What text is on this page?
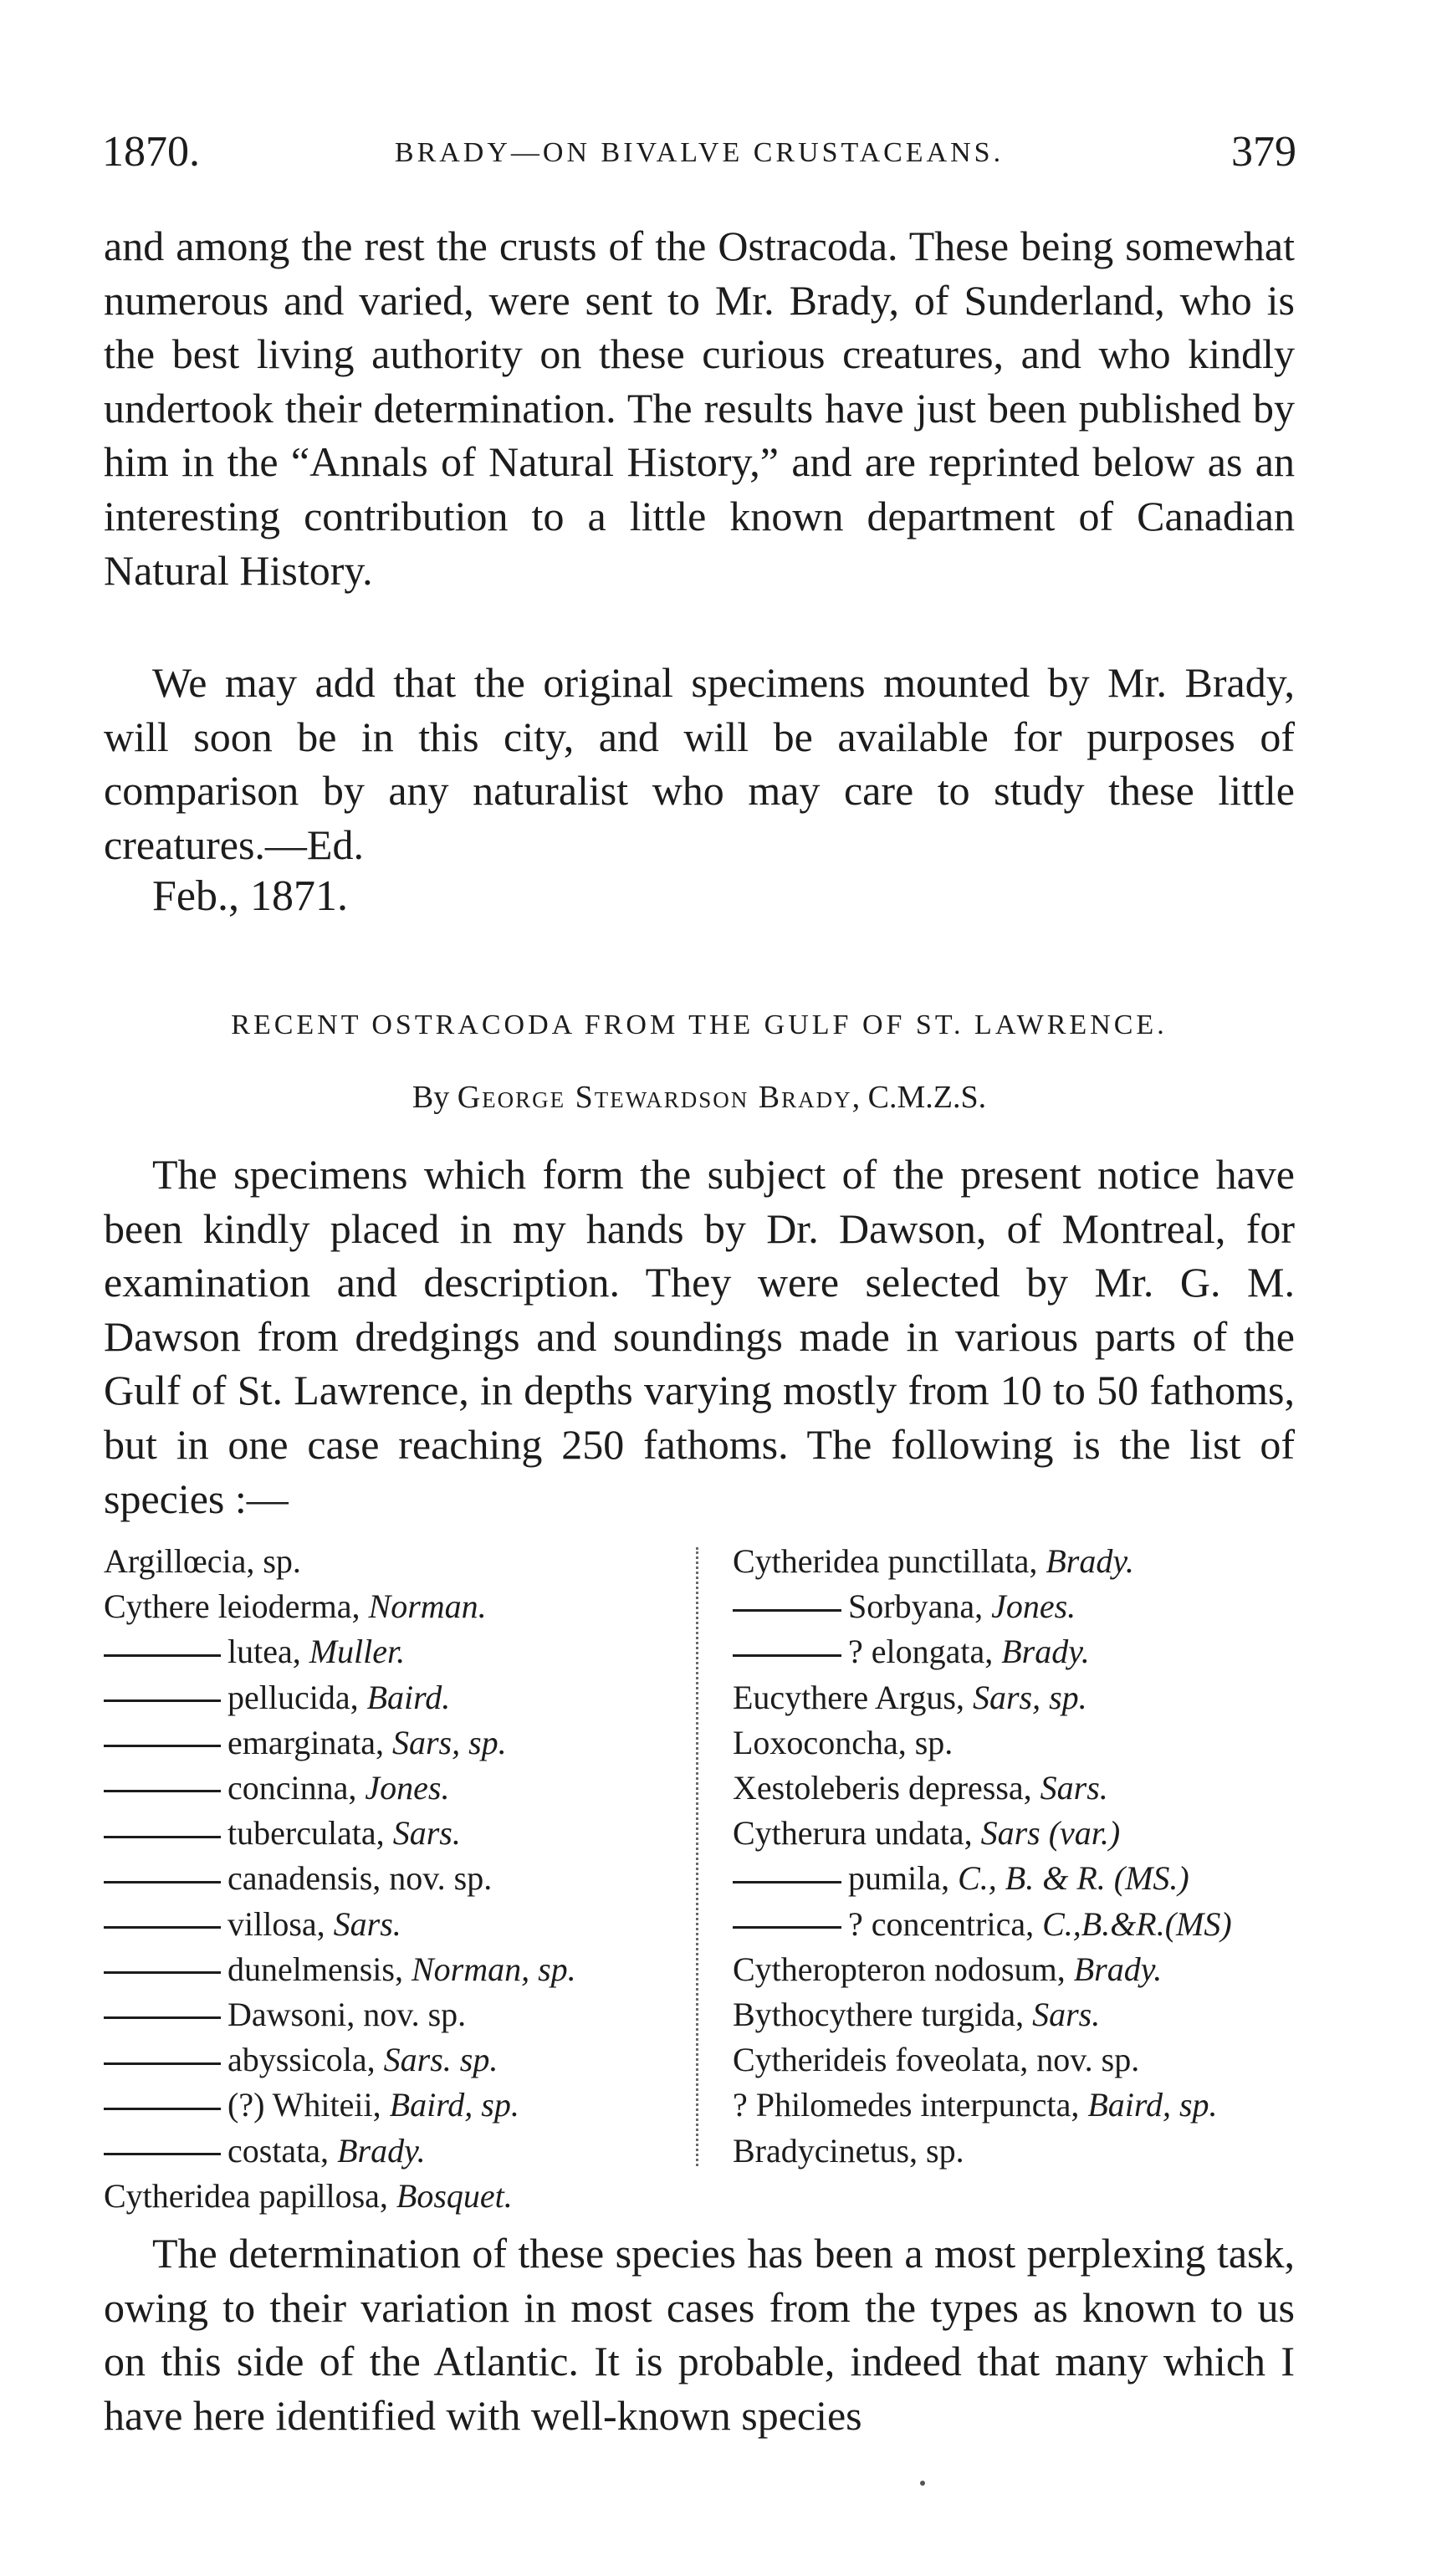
1870.	BRADY—ON BIVALVE CRUSTACEANS.	379

and among the rest the crusts of the Ostracoda. These being somewhat numerous and varied, were sent to Mr. Brady, of Sunderland, who is the best living authority on these curious creatures, and who kindly undertook their determination. The results have just been published by him in the “Annals of Natural History,” and are reprinted below as an interesting contribution to a little known department of Canadian Natural History.

We may add that the original specimens mounted by Mr. Brady, will soon be in this city, and will be available for purposes of comparison by any naturalist who may care to study these little creatures.—Ed.

Feb., 1871.
RECENT OSTRACODA FROM THE GULF OF ST. LAWRENCE.
By George Stewardson Brady, C.M.Z.S.

The specimens which form the subject of the present notice have been kindly placed in my hands by Dr. Dawson, of Montreal, for examination and description. They were selected by Mr. G. M. Dawson from dredgings and soundings made in various parts of the Gulf of St. Lawrence, in depths varying mostly from 10 to 50 fathoms, but in one case reaching 250 fathoms. The following is the list of species :—

Argillœcia, sp.
Cythere leioderma, Norman.
lutea, Muller.
pellucida, Baird.
emarginata, Sars, sp.
concinna, Jones.
tuberculata, Sars.
canadensis, nov. sp.
villosa, Sars.
dunelmensis, Norman, sp.
Dawsoni, nov. sp.
abyssicola, Sars. sp.
(?) Whiteii, Baird, sp.
costata, Brady.
Cytheridea papillosa, Bosquet.
Cytheridea punctillata, Brady.
Sorbyana, Jones.
? elongata, Brady.
Eucythere Argus, Sars, sp.
Loxoconcha, sp.
Xestoleberis depressa, Sars.
Cytherura undata, Sars (var.)
pumila, C., B. & R. (MS.)
? concentrica, C.,B.&R.(MS)
Cytheropteron nodosum, Brady.
Bythocythere turgida, Sars.
Cytherideis foveolata, nov. sp.
? Philomedes interpuncta, Baird, sp.
Bradycinetus, sp.

The determination of these species has been a most perplexing task, owing to their variation in most cases from the types as known to us on this side of the Atlantic. It is probable, indeed that many which I have here identified with well-known species
